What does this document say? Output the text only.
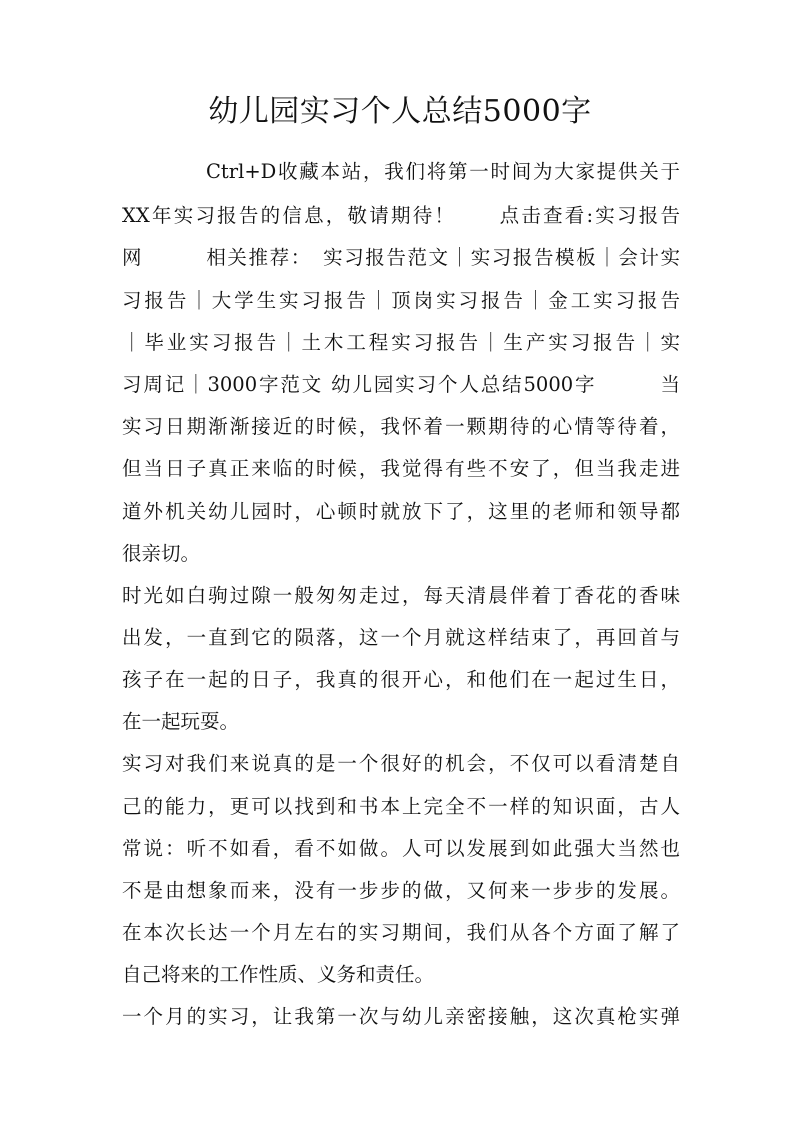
幼儿园实习个人总结5000字
Ctrl+D收藏本站，我们将第一时间为大家提供关于
XX年实习报告的信息，敬请期待！　　点击查看:实习报告
网　　　相关推荐：　实习报告范文｜实习报告模板｜会计实
习报告｜大学生实习报告｜顶岗实习报告｜金工实习报告
｜毕业实习报告｜土木工程实习报告｜生产实习报告｜实
习周记｜3000字范文 幼儿园实习个人总结5000字　　　当
实习日期渐渐接近的时候，我怀着一颗期待的心情等待着，
但当日子真正来临的时候，我觉得有些不安了，但当我走进
道外机关幼儿园时，心顿时就放下了，这里的老师和领导都
很亲切。
时光如白驹过隙一般匆匆走过，每天清晨伴着丁香花的香味
出发，一直到它的陨落，这一个月就这样结束了，再回首与
孩子在一起的日子，我真的很开心，和他们在一起过生日，
在一起玩耍。
实习对我们来说真的是一个很好的机会，不仅可以看清楚自
己的能力，更可以找到和书本上完全不一样的知识面，古人
常说：听不如看，看不如做。人可以发展到如此强大当然也
不是由想象而来，没有一步步的做，又何来一步步的发展。
在本次长达一个月左右的实习期间，我们从各个方面了解了
自己将来的工作性质、义务和责任。
一个月的实习，让我第一次与幼儿亲密接触，这次真枪实弹
